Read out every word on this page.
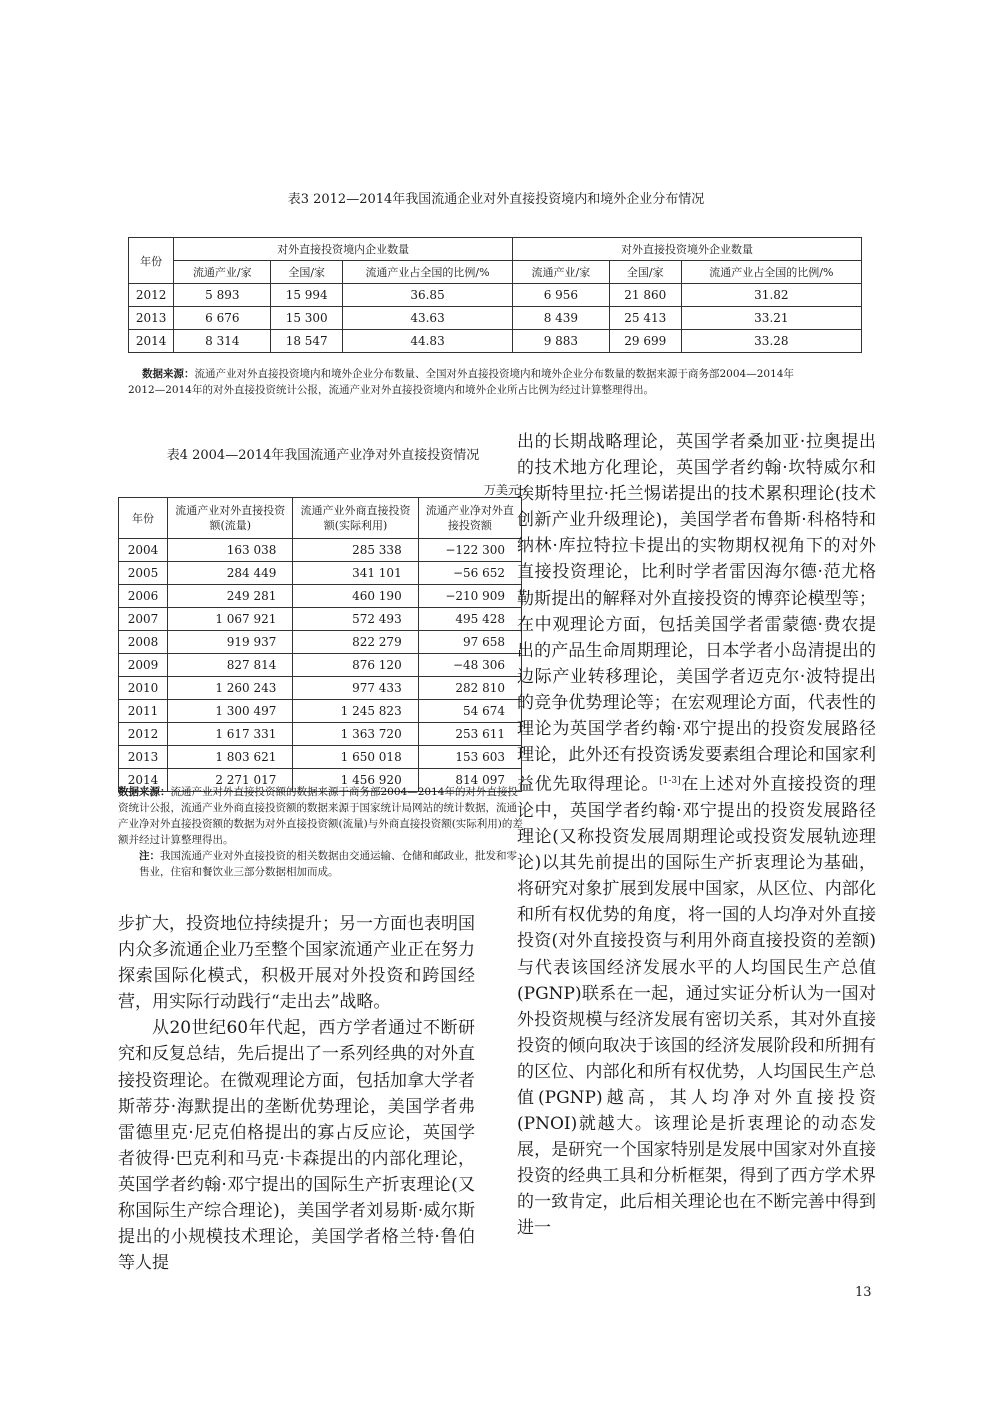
表3 2012—2014年我国流通企业对外直接投资境内和境外企业分布情况
年份	对外直接投资境内企业数量			对外直接投资境外企业数量		
	流通产业/家	全国/家	流通产业占全国的比例/%	流通产业/家	全国/家	流通产业占全国的比例/%
2012	5 893	15 994	36.85	6 956	21 860	31.82
2013	6 676	15 300	43.63	8 439	25 413	33.21
2014	8 314	18 547	44.83	9 883	29 699	33.28
数据来源：流通产业对外直接投资境内和境外企业分布数量、全国对外直接投资境内和境外企业分布数量的数据来源于商务部2004—2014年
2012—2014年的对外直接投资统计公报，流通产业对外直接投资境内和境外企业所占比例为经过计算整理得出。
表4 2004—2014年我国流通产业净对外直接投资情况
万美元
年份	流通产业对外直接投资额(流量)	流通产业外商直接投资额(实际利用)	流通产业净对外直接投资额
2004	163 038	285 338	−122 300
2005	284 449	341 101	−56 652
2006	249 281	460 190	−210 909
2007	1 067 921	572 493	495 428
2008	919 937	822 279	97 658
2009	827 814	876 120	−48 306
2010	1 260 243	977 433	282 810
2011	1 300 497	1 245 823	54 674
2012	1 617 331	1 363 720	253 611
2013	1 803 621	1 650 018	153 603
2014	2 271 017	1 456 920	814 097
数据来源：流通产业对外直接投资额的数据来源于商务部2004—2014年的对外直接投资统计公报，流通产业外商直接投资额的数据来源于国家统计局网站的统计数据，流通产业净对外直接投资额的数据为对外直接投资额(流量)与外商直接投资额(实际利用)的差额并经过计算整理得出。
注：我国流通产业对外直接投资的相关数据由交通运输、仓储和邮政业，批发和零售业，住宿和餐饮业三部分数据相加而成。

步扩大，投资地位持续提升；另一方面也表明国内众多流通企业乃至整个国家流通产业正在努力探索国际化模式，积极开展对外投资和跨国经营，用实际行动践行“走出去”战略。

从20世纪60年代起，西方学者通过不断研究和反复总结，先后提出了一系列经典的对外直接投资理论。在微观理论方面，包括加拿大学者斯蒂芬·海默提出的垄断优势理论，美国学者弗雷德里克·尼克伯格提出的寡占反应论，英国学者彼得·巴克利和马克·卡森提出的内部化理论，英国学者约翰·邓宁提出的国际生产折衷理论(又称国际生产综合理论)，美国学者刘易斯·威尔斯提出的小规模技术理论，美国学者格兰特·鲁伯等人提

出的长期战略理论，英国学者桑加亚·拉奥提出的技术地方化理论，英国学者约翰·坎特威尔和埃斯特里拉·托兰惕诺提出的技术累积理论(技术创新产业升级理论)，美国学者布鲁斯·科格特和纳林·库拉特拉卡提出的实物期权视角下的对外直接投资理论，比利时学者雷因海尔德·范尤格勒斯提出的解释对外直接投资的博弈论模型等；在中观理论方面，包括美国学者雷蒙德·费农提出的产品生命周期理论，日本学者小岛清提出的边际产业转移理论，美国学者迈克尔·波特提出的竞争优势理论等；在宏观理论方面，代表性的理论为英国学者约翰·邓宁提出的投资发展路径理论，此外还有投资诱发要素组合理论和国家利益优先取得理论。[1-3]在上述对外直接投资的理论中，英国学者约翰·邓宁提出的投资发展路径理论(又称投资发展周期理论或投资发展轨迹理论)以其先前提出的国际生产折衷理论为基础，将研究对象扩展到发展中国家，从区位、内部化和所有权优势的角度，将一国的人均净对外直接投资(对外直接投资与利用外商直接投资的差额)与代表该国经济发展水平的人均国民生产总值(PGNP)联系在一起，通过实证分析认为一国对外投资规模与经济发展有密切关系，其对外直接投资的倾向取决于该国的经济发展阶段和所拥有的区位、内部化和所有权优势，人均国民生产总值(PGNP)越高，其人均净对外直接投资(PNOI)就越大。该理论是折衷理论的动态发展，是研究一个国家特别是发展中国家对外直接投资的经典工具和分析框架，得到了西方学术界的一致肯定，此后相关理论也在不断完善中得到进一

13
